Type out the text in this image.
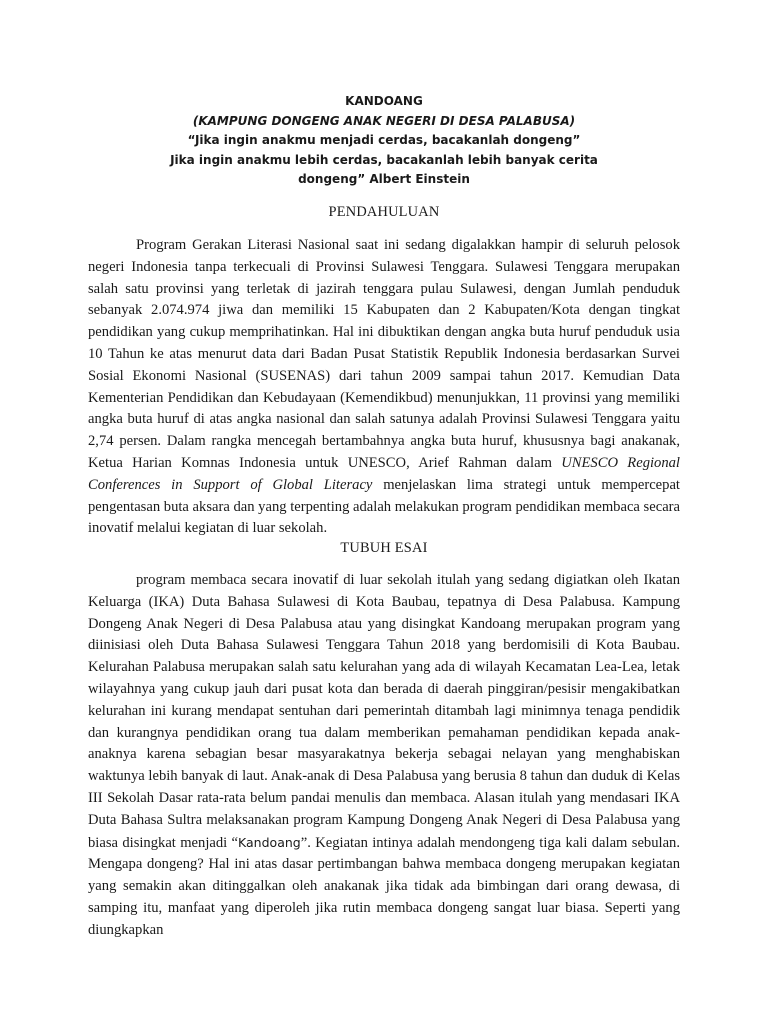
KANDOANG
(KAMPUNG DONGENG ANAK NEGERI DI DESA PALABUSA)
“Jika ingin anakmu menjadi cerdas, bacakanlah dongeng”
Jika ingin anakmu lebih cerdas, bacakanlah lebih banyak cerita
dongeng” Albert Einstein
PENDAHULUAN

Program Gerakan Literasi Nasional saat ini sedang digalakkan hampir di seluruh pelosok negeri Indonesia tanpa terkecuali di Provinsi Sulawesi Tenggara. Sulawesi Tenggara merupakan salah satu provinsi yang terletak di jazirah tenggara pulau Sulawesi, dengan Jumlah penduduk sebanyak 2.074.974 jiwa dan memiliki 15 Kabupaten dan 2 Kabupaten/Kota dengan tingkat pendidikan yang cukup memprihatinkan. Hal ini dibuktikan dengan angka buta huruf penduduk usia 10 Tahun ke atas menurut data dari Badan Pusat Statistik Republik Indonesia berdasarkan Survei Sosial Ekonomi Nasional (SUSENAS) dari tahun 2009 sampai tahun 2017. Kemudian Data Kementerian Pendidikan dan Kebudayaan (Kemendikbud) menunjukkan, 11 provinsi yang memiliki angka buta huruf di atas angka nasional dan salah satunya adalah Provinsi Sulawesi Tenggara yaitu 2,74 persen. Dalam rangka mencegah bertambahnya angka buta huruf, khususnya bagi anakanak, Ketua Harian Komnas Indonesia untuk UNESCO, Arief Rahman dalam UNESCO Regional Conferences in Support of Global Literacy menjelaskan lima strategi untuk mempercepat pengentasan buta aksara dan yang terpenting adalah melakukan program pendidikan membaca secara inovatif melalui kegiatan di luar sekolah.

TUBUH ESAI

program membaca secara inovatif di luar sekolah itulah yang sedang digiatkan oleh Ikatan Keluarga (IKA) Duta Bahasa Sulawesi di Kota Baubau, tepatnya di Desa Palabusa. Kampung Dongeng Anak Negeri di Desa Palabusa atau yang disingkat Kandoang merupakan program yang diinisiasi oleh Duta Bahasa Sulawesi Tenggara Tahun 2018 yang berdomisili di Kota Baubau. Kelurahan Palabusa merupakan salah satu kelurahan yang ada di wilayah Kecamatan Lea-Lea, letak wilayahnya yang cukup jauh dari pusat kota dan berada di daerah pinggiran/pesisir mengakibatkan kelurahan ini kurang mendapat sentuhan dari pemerintah ditambah lagi minimnya tenaga pendidik dan kurangnya pendidikan orang tua dalam memberikan pemahaman pendidikan kepada anak-anaknya karena sebagian besar masyarakatnya bekerja sebagai nelayan yang menghabiskan waktunya lebih banyak di laut. Anak-anak di Desa Palabusa yang berusia 8 tahun dan duduk di Kelas III Sekolah Dasar rata-rata belum pandai menulis dan membaca. Alasan itulah yang mendasari IKA Duta Bahasa Sultra melaksanakan program Kampung Dongeng Anak Negeri di Desa Palabusa yang biasa disingkat menjadi “Kandoang”. Kegiatan intinya adalah mendongeng tiga kali dalam sebulan. Mengapa dongeng? Hal ini atas dasar pertimbangan bahwa membaca dongeng merupakan kegiatan yang semakin akan ditinggalkan oleh anakanak jika tidak ada bimbingan dari orang dewasa, di samping itu, manfaat yang diperoleh jika rutin membaca dongeng sangat luar biasa. Seperti yang diungkapkan
